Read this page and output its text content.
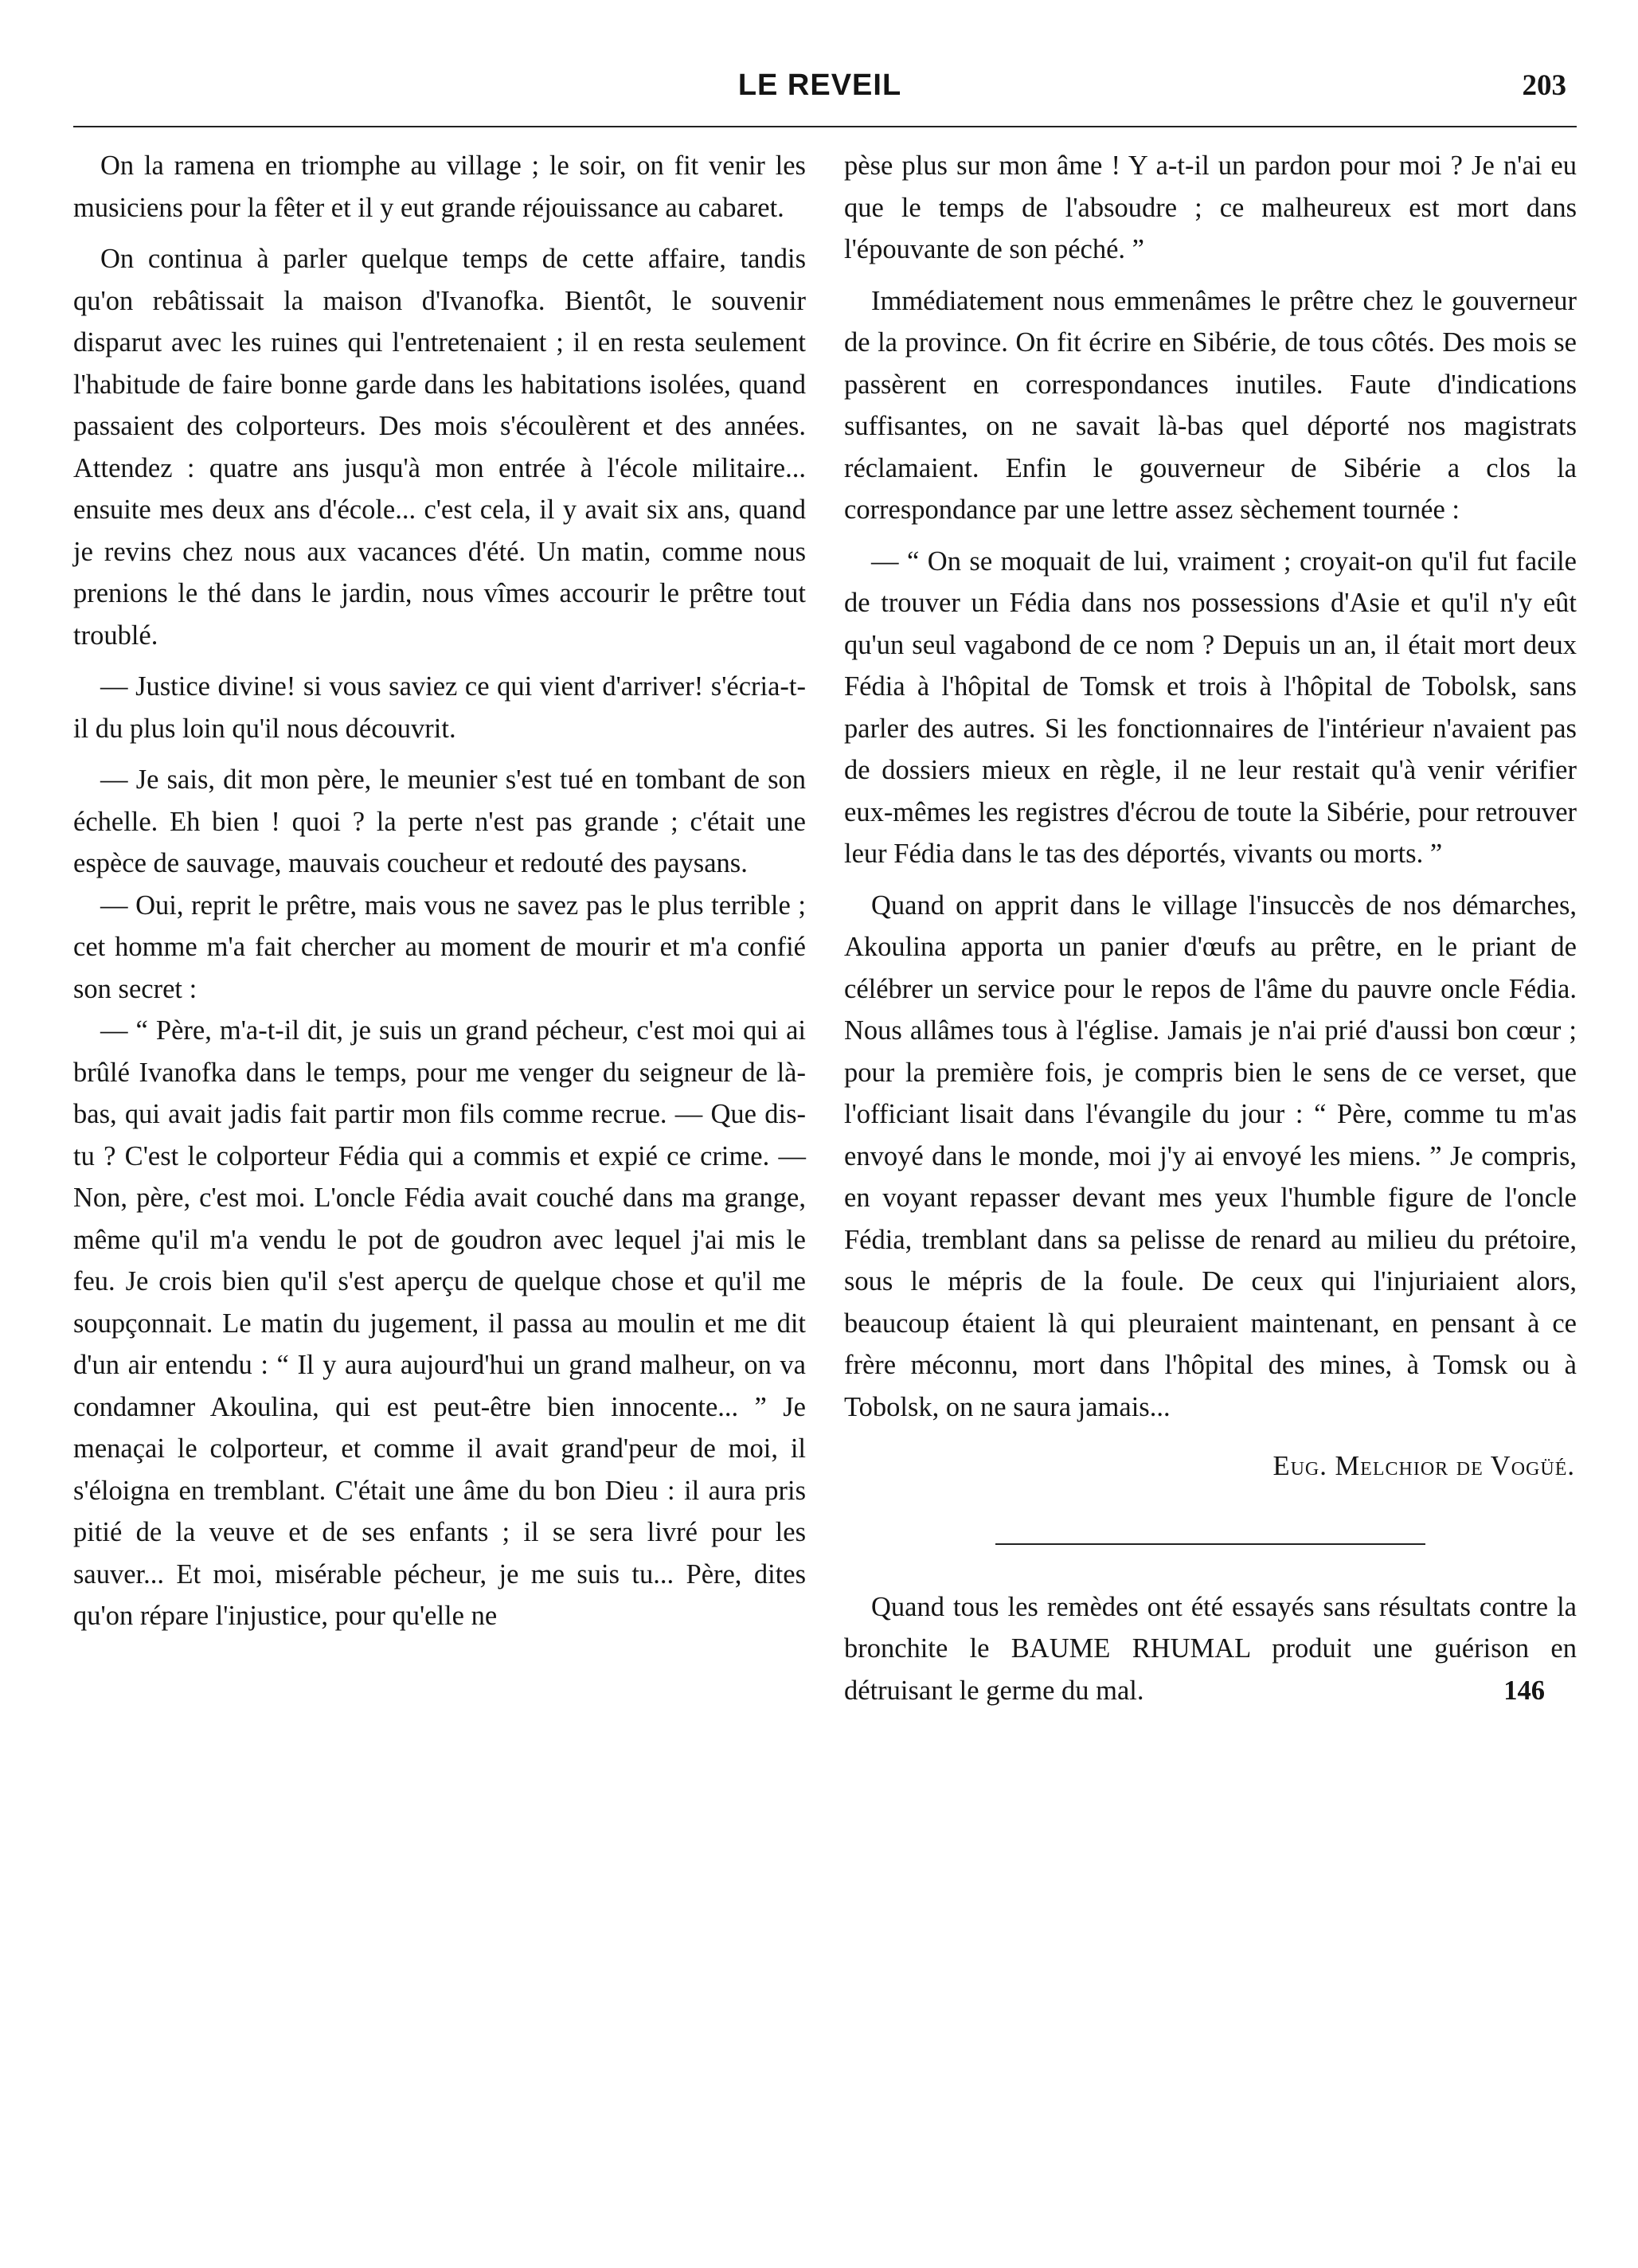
LE REVEIL	203

On la ramena en triomphe au village ; le soir, on fit venir les musiciens pour la fêter et il y eut grande réjouissance au cabaret.

On continua à parler quelque temps de cette affaire, tandis qu'on rebâtissait la maison d'Ivanofka. Bientôt, le souvenir disparut avec les ruines qui l'entretenaient ; il en resta seulement l'habitude de faire bonne garde dans les habitations isolées, quand passaient des colporteurs. Des mois s'écoulèrent et des années. Attendez : quatre ans jusqu'à mon entrée à l'école militaire... ensuite mes deux ans d'école... c'est cela, il y avait six ans, quand je revins chez nous aux vacances d'été. Un matin, comme nous prenions le thé dans le jardin, nous vîmes accourir le prêtre tout troublé.

— Justice divine! si vous saviez ce qui vient d'arriver! s'écria-t-il du plus loin qu'il nous découvrit.

— Je sais, dit mon père, le meunier s'est tué en tombant de son échelle. Eh bien ! quoi ? la perte n'est pas grande ; c'était une espèce de sauvage, mauvais coucheur et redouté des paysans.

— Oui, reprit le prêtre, mais vous ne savez pas le plus terrible ; cet homme m'a fait chercher au moment de mourir et m'a confié son secret :

— “ Père, m'a-t-il dit, je suis un grand pécheur, c'est moi qui ai brûlé Ivanofka dans le temps, pour me venger du seigneur de là-bas, qui avait jadis fait partir mon fils comme recrue. — Que dis-tu ? C'est le colporteur Fédia qui a commis et expié ce crime. — Non, père, c'est moi. L'oncle Fédia avait couché dans ma grange, même qu'il m'a vendu le pot de goudron avec lequel j'ai mis le feu. Je crois bien qu'il s'est aperçu de quelque chose et qu'il me soupçonnait. Le matin du jugement, il passa au moulin et me dit d'un air entendu : “ Il y aura aujourd'hui un grand malheur, on va condamner Akoulina, qui est peut-être bien innocente... ” Je menaçai le colporteur, et comme il avait grand'peur de moi, il s'éloigna en tremblant. C'était une âme du bon Dieu : il aura pris pitié de la veuve et de ses enfants ; il se sera livré pour les sauver... Et moi, misérable pécheur, je me suis tu... Père, dites qu'on répare l'injustice, pour qu'elle ne

pèse plus sur mon âme ! Y a-t-il un pardon pour moi ? Je n'ai eu que le temps de l'absoudre ; ce malheureux est mort dans l'épouvante de son péché. ”

Immédiatement nous emmenâmes le prêtre chez le gouverneur de la province. On fit écrire en Sibérie, de tous côtés. Des mois se passèrent en correspondances inutiles. Faute d'indications suffisantes, on ne savait là-bas quel déporté nos magistrats réclamaient. Enfin le gouverneur de Sibérie a clos la correspondance par une lettre assez sèchement tournée :

— “ On se moquait de lui, vraiment ; croyait-on qu'il fut facile de trouver un Fédia dans nos possessions d'Asie et qu'il n'y eût qu'un seul vagabond de ce nom ? Depuis un an, il était mort deux Fédia à l'hôpital de Tomsk et trois à l'hôpital de Tobolsk, sans parler des autres. Si les fonctionnaires de l'intérieur n'avaient pas de dossiers mieux en règle, il ne leur restait qu'à venir vérifier eux-mêmes les registres d'écrou de toute la Sibérie, pour retrouver leur Fédia dans le tas des déportés, vivants ou morts. ”

Quand on apprit dans le village l'insuccès de nos démarches, Akoulina apporta un panier d'œufs au prêtre, en le priant de célébrer un service pour le repos de l'âme du pauvre oncle Fédia. Nous allâmes tous à l'église. Jamais je n'ai prié d'aussi bon cœur ; pour la première fois, je compris bien le sens de ce verset, que l'officiant lisait dans l'évangile du jour : “ Père, comme tu m'as envoyé dans le monde, moi j'y ai envoyé les miens. ” Je compris, en voyant repasser devant mes yeux l'humble figure de l'oncle Fédia, tremblant dans sa pelisse de renard au milieu du prétoire, sous le mépris de la foule. De ceux qui l'injuriaient alors, beaucoup étaient là qui pleuraient maintenant, en pensant à ce frère méconnu, mort dans l'hôpital des mines, à Tomsk ou à Tobolsk, on ne saura jamais...

Eug. Melchior de Vogüé.

Quand tous les remèdes ont été essayés sans résultats contre la bronchite le BAUME RHUMAL produit une guérison en détruisant le germe du mal.	146
